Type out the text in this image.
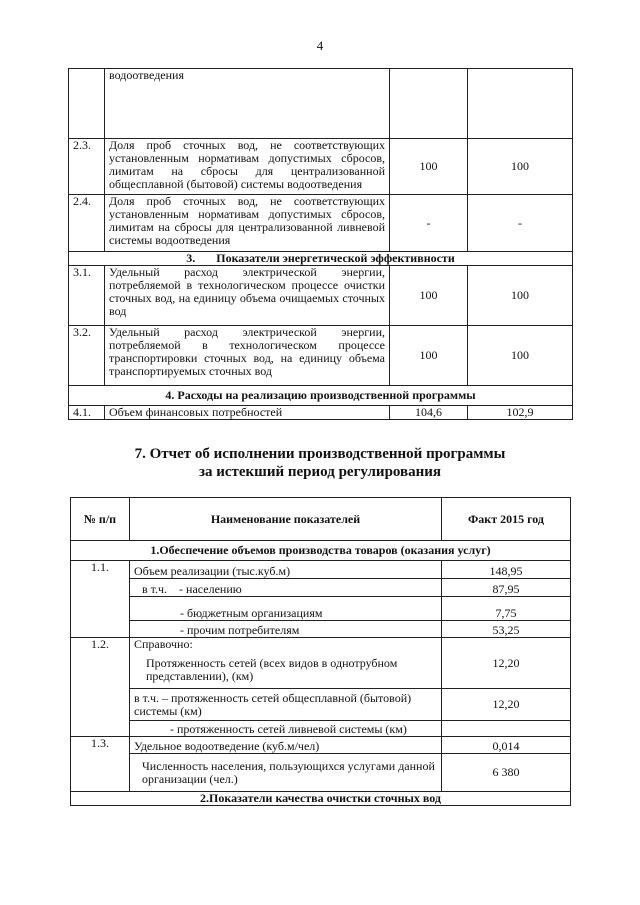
4
	водоотведения		
2.3.	Доля проб сточных вод, не соответствующих установленным нормативам допустимых сбросов, лимитам на сбросы для централизованной общесплавной (бытовой) системы водоотведения	100	100
2.4.	Доля проб сточных вод, не соответствующих установленным нормативам допустимых сбросов, лимитам на сбросы для централизованной ливневой системы водоотведения	-	-
3.       Показатели энергетической эффективности			
3.1.	Удельный расход электрической энергии, потребляемой в технологическом процессе очистки сточных вод, на единицу объема очищаемых сточных вод	100	100
3.2.	Удельный расход электрической энергии, потребляемой в технологическом процессе транспортировки сточных вод, на единицу объема транспортируемых сточных вод	100	100
4. Расходы на реализацию производственной программы			
4.1.	Объем финансовых потребностей	104,6	102,9
7. Отчет об исполнении производственной программы
за истекший период регулирования
№ п/п	Наименование показателей	Факт 2015 год
1.Обеспечение объемов производства товаров (оказания услуг)		
1.1.	Объем реализации (тыс.куб.м)	148,95
	в т.ч.    - населению	87,95
	- бюджетным организациям	7,75
	- прочим потребителям	53,25
1.2.	Справочно:
Протяженность сетей (всех видов в однотрубном представлении), (км)	12,20
	в т.ч. – протяженность сетей общесплавной (бытовой) системы (км)	12,20
	- протяженность сетей ливневой системы (км)	
1.3.	Удельное водоотведение (куб.м/чел)	0,014
	Численность населения, пользующихся услугами данной организации (чел.)	6 380
2.Показатели качества очистки сточных вод		
